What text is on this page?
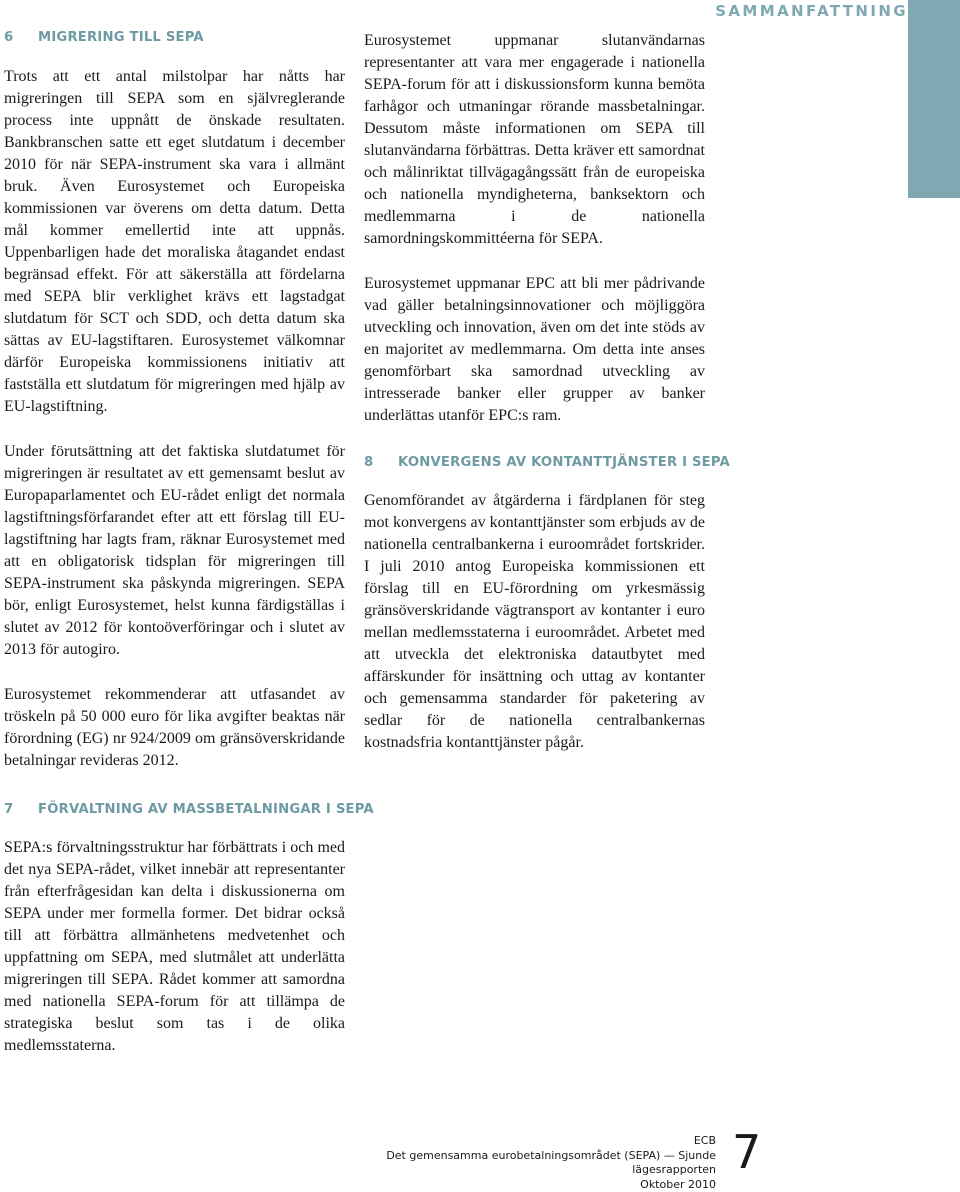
SAMMANFATTNING
6 MIGRERING TILL SEPA

Trots att ett antal milstolpar har nåtts har migreringen till SEPA som en självreglerande process inte uppnått de önskade resultaten. Bankbranschen satte ett eget slutdatum i december 2010 för när SEPA-instrument ska vara i allmänt bruk. Även Eurosystemet och Europeiska kommissionen var överens om detta datum. Detta mål kommer emellertid inte att uppnås. Uppenbarligen hade det moraliska åtagandet endast begränsad effekt. För att säkerställa att fördelarna med SEPA blir verklighet krävs ett lagstadgat slutdatum för SCT och SDD, och detta datum ska sättas av EU-lagstiftaren. Eurosystemet välkomnar därför Europeiska kommissionens initiativ att fastställa ett slutdatum för migreringen med hjälp av EU-lagstiftning.

Under förutsättning att det faktiska slutdatumet för migreringen är resultatet av ett gemensamt beslut av Europaparlamentet och EU-rådet enligt det normala lagstiftningsförfarandet efter att ett förslag till EU-lagstiftning har lagts fram, räknar Eurosystemet med att en obligatorisk tidsplan för migreringen till SEPA-instrument ska påskynda migreringen. SEPA bör, enligt Eurosystemet, helst kunna färdigställas i slutet av 2012 för kontoöverföringar och i slutet av 2013 för autogiro.

Eurosystemet rekommenderar att utfasandet av tröskeln på 50 000 euro för lika avgifter beaktas när förordning (EG) nr 924/2009 om gränsöverskridande betalningar revideras 2012.

7 FÖRVALTNING AV MASSBETALNINGAR I SEPA

SEPA:s förvaltningsstruktur har förbättrats i och med det nya SEPA-rådet, vilket innebär att representanter från efterfrågesidan kan delta i diskussionerna om SEPA under mer formella former. Det bidrar också till att förbättra allmänhetens medvetenhet och uppfattning om SEPA, med slutmålet att underlätta migreringen till SEPA. Rådet kommer att samordna med nationella SEPA-forum för att tillämpa de strategiska beslut som tas i de olika medlemsstaterna.

Eurosystemet uppmanar slutanvändarnas representanter att vara mer engagerade i nationella SEPA-forum för att i diskussionsform kunna bemöta farhågor och utmaningar rörande massbetalningar. Dessutom måste informationen om SEPA till slutanvändarna förbättras. Detta kräver ett samordnat och målinriktat tillvägagångssätt från de europeiska och nationella myndigheterna, banksektorn och medlemmarna i de nationella samordningskommittéerna för SEPA.

Eurosystemet uppmanar EPC att bli mer pådrivande vad gäller betalningsinnovationer och möjliggöra utveckling och innovation, även om det inte stöds av en majoritet av medlemmarna. Om detta inte anses genomförbart ska samordnad utveckling av intresserade banker eller grupper av banker underlättas utanför EPC:s ram.

8 KONVERGENS AV KONTANTTJÄNSTER I SEPA

Genomförandet av åtgärderna i färdplanen för steg mot konvergens av kontanttjänster som erbjuds av de nationella centralbankerna i euroområdet fortskrider. I juli 2010 antog Europeiska kommissionen ett förslag till en EU-förordning om yrkesmässig gränsöverskridande vägtransport av kontanter i euro mellan medlemsstaterna i euroområdet. Arbetet med att utveckla det elektroniska datautbytet med affärskunder för insättning och uttag av kontanter och gemensamma standarder för paketering av sedlar för de nationella centralbankernas kostnadsfria kontanttjänster pågår.

ECB
Det gemensamma eurobetalningsområdet (SEPA) — Sjunde lägesrapporten
Oktober 2010
7
